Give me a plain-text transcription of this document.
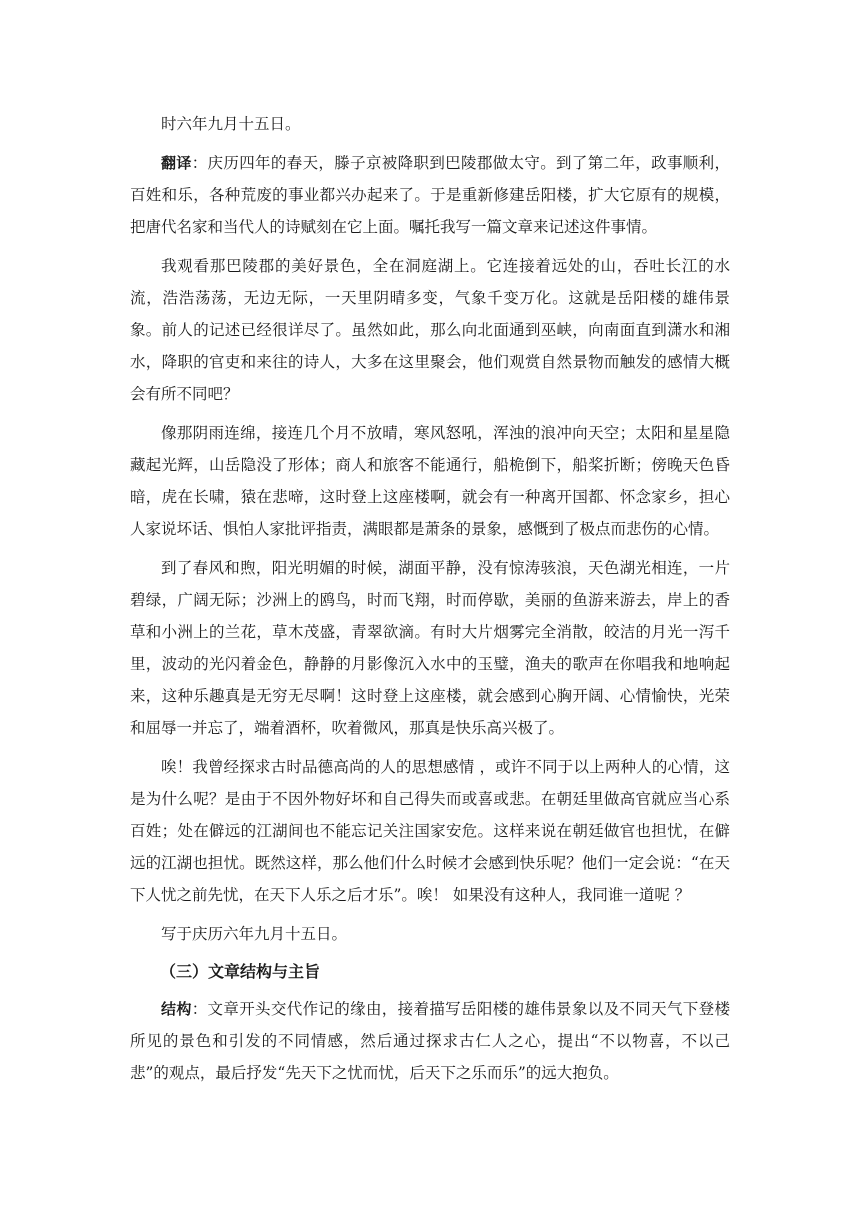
时六年九月十五日。

翻译：庆历四年的春天，滕子京被降职到巴陵郡做太守。到了第二年，政事顺利，百姓和乐，各种荒废的事业都兴办起来了。于是重新修建岳阳楼，扩大它原有的规模，把唐代名家和当代人的诗赋刻在它上面。嘱托我写一篇文章来记述这件事情。

我观看那巴陵郡的美好景色，全在洞庭湖上。它连接着远处的山，吞吐长江的水流，浩浩荡荡，无边无际，一天里阴晴多变，气象千变万化。这就是岳阳楼的雄伟景象。前人的记述已经很详尽了。虽然如此，那么向北面通到巫峡，向南面直到潇水和湘水，降职的官吏和来往的诗人，大多在这里聚会，他们观赏自然景物而触发的感情大概会有所不同吧？

像那阴雨连绵，接连几个月不放晴，寒风怒吼，浑浊的浪冲向天空；太阳和星星隐藏起光辉，山岳隐没了形体；商人和旅客不能通行，船桅倒下，船桨折断；傍晚天色昏暗，虎在长啸，猿在悲啼，这时登上这座楼啊，就会有一种离开国都、怀念家乡，担心人家说坏话、惧怕人家批评指责，满眼都是萧条的景象，感慨到了极点而悲伤的心情。

到了春风和煦，阳光明媚的时候，湖面平静，没有惊涛骇浪，天色湖光相连，一片碧绿，广阔无际；沙洲上的鸥鸟，时而飞翔，时而停歇，美丽的鱼游来游去，岸上的香草和小洲上的兰花，草木茂盛，青翠欲滴。有时大片烟雾完全消散，皎洁的月光一泻千里，波动的光闪着金色，静静的月影像沉入水中的玉璧，渔夫的歌声在你唱我和地响起来，这种乐趣真是无穷无尽啊！这时登上这座楼，就会感到心胸开阔、心情愉快，光荣和屈辱一并忘了，端着酒杯，吹着微风，那真是快乐高兴极了。

唉！我曾经探求古时品德高尚的人的思想感情 ，或许不同于以上两种人的心情，这是为什么呢？是由于不因外物好坏和自己得失而或喜或悲。在朝廷里做高官就应当心系百姓；处在僻远的江湖间也不能忘记关注国家安危。这样来说在朝廷做官也担忧，在僻远的江湖也担忧。既然这样，那么他们什么时候才会感到快乐呢？他们一定会说：“在天下人忧之前先忧，在天下人乐之后才乐”。唉！ 如果没有这种人，我同谁一道呢 ？

写于庆历六年九月十五日。

（三）文章结构与主旨

结构：文章开头交代作记的缘由，接着描写岳阳楼的雄伟景象以及不同天气下登楼所见的景色和引发的不同情感，然后通过探求古仁人之心，提出“不以物喜，不以己悲”的观点，最后抒发“先天下之忧而忧，后天下之乐而乐”的远大抱负。
